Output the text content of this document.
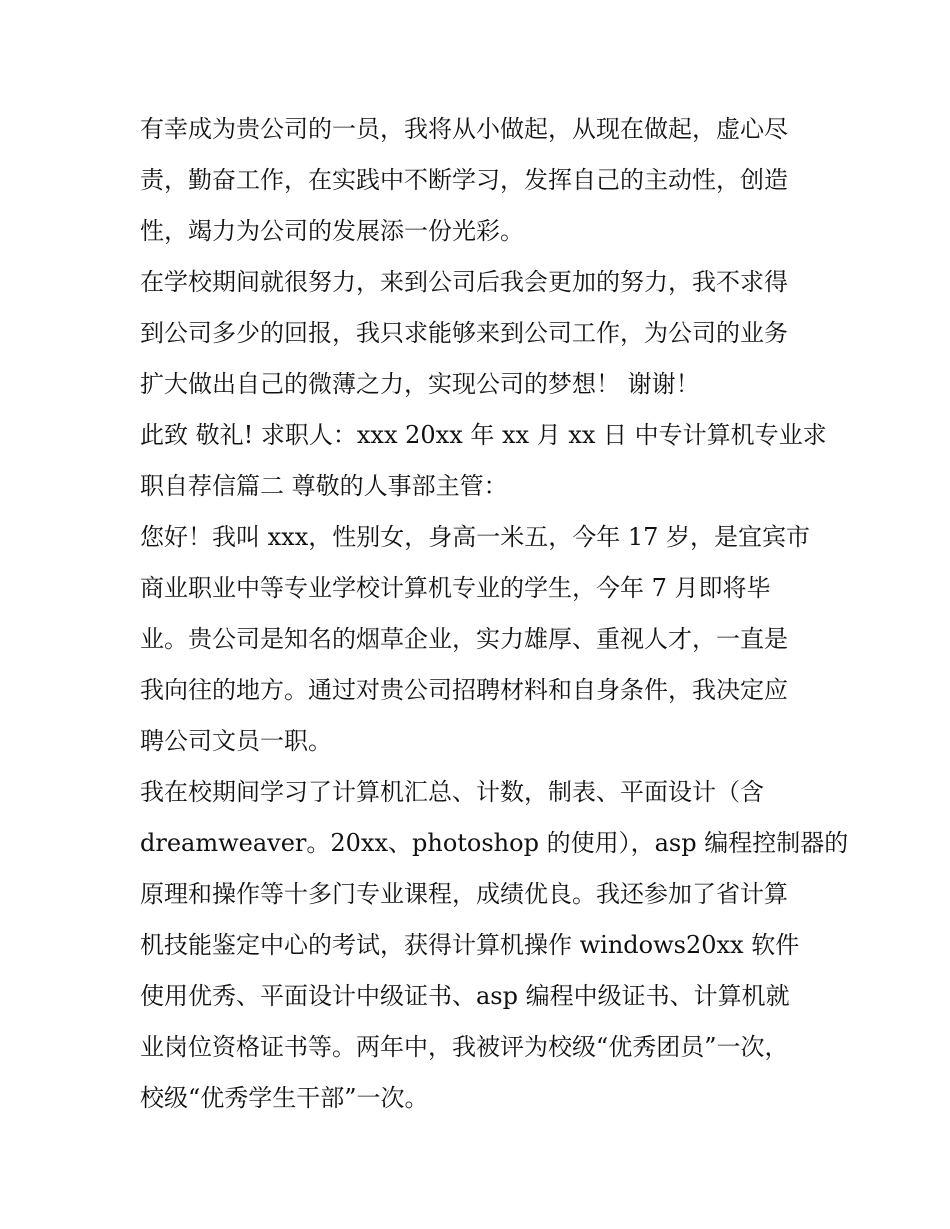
有幸成为贵公司的一员，我将从小做起，从现在做起，虚心尽
责，勤奋工作，在实践中不断学习，发挥自己的主动性，创造
性，竭力为公司的发展添一份光彩。
在学校期间就很努力，来到公司后我会更加的努力，我不求得
到公司多少的回报，我只求能够来到公司工作，为公司的业务
扩大做出自己的微薄之力，实现公司的梦想！ 谢谢！
此致 敬礼! 求职人：xxx 20xx 年 xx 月 xx 日 中专计算机专业求
职自荐信篇二 尊敬的人事部主管：
您好！我叫 xxx，性别女，身高一米五，今年 17 岁，是宜宾市
商业职业中等专业学校计算机专业的学生，今年 7 月即将毕
业。贵公司是知名的烟草企业，实力雄厚、重视人才，一直是
我向往的地方。通过对贵公司招聘材料和自身条件，我决定应
聘公司文员一职。
我在校期间学习了计算机汇总、计数，制表、平面设计（含
dreamweaver。20xx、photoshop 的使用），asp 编程控制器的
原理和操作等十多门专业课程，成绩优良。我还参加了省计算
机技能鉴定中心的考试，获得计算机操作 windows20xx 软件
使用优秀、平面设计中级证书、asp 编程中级证书、计算机就
业岗位资格证书等。两年中，我被评为校级“优秀团员”一次，
校级“优秀学生干部”一次。
